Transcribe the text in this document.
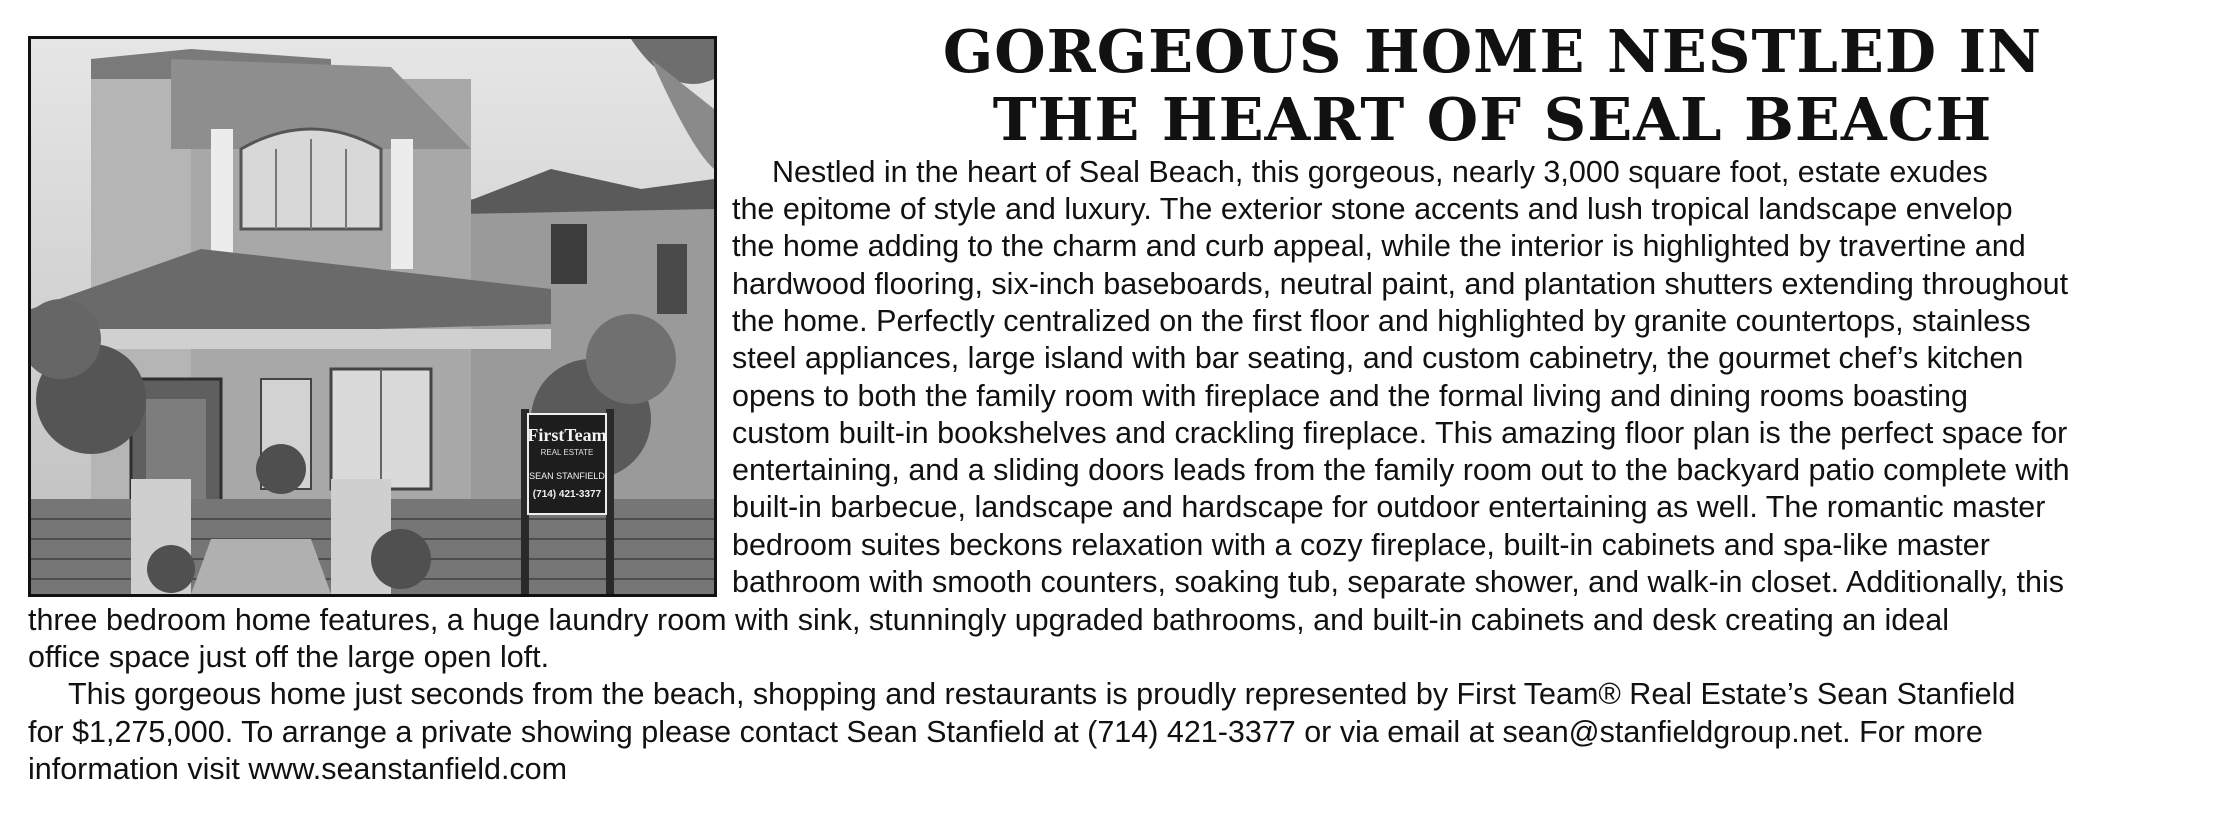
FirstTeam
REAL ESTATE
SEAN STANFIELD
(714) 421-3377
GORGEOUS HOME NESTLED IN
THE HEART OF SEAL BEACH
Nestled in the heart of Seal Beach, this gorgeous, nearly 3,000 square foot, estate exudes
the epitome of style and luxury. The exterior stone accents and lush tropical landscape envelop
the home adding to the charm and curb appeal, while the interior is highlighted by travertine and
hardwood flooring, six-inch baseboards, neutral paint, and plantation shutters extending throughout
the home. Perfectly centralized on the first floor and highlighted by granite countertops, stainless
steel appliances, large island with bar seating, and custom cabinetry, the gourmet chef’s kitchen
opens to both the family room with fireplace and the formal living and dining rooms boasting
custom built-in bookshelves and crackling fireplace. This amazing floor plan is the perfect space for
entertaining, and a sliding doors leads from the family room out to the backyard patio complete with
built-in barbecue, landscape and hardscape for outdoor entertaining as well. The romantic master
bedroom suites beckons relaxation with a cozy fireplace, built-in cabinets and spa-like master
bathroom with smooth counters, soaking tub, separate shower, and walk-in closet. Additionally, this
three bedroom home features, a huge laundry room with sink, stunningly upgraded bathrooms, and built-in cabinets and desk creating an ideal
office space just off the large open loft.
This gorgeous home just seconds from the beach, shopping and restaurants is proudly represented by First Team® Real Estate’s Sean Stanfield
for $1,275,000. To arrange a private showing please contact Sean Stanfield at (714) 421-3377 or via email at sean@stanfieldgroup.net. For more
information visit www.seanstanfield.com
